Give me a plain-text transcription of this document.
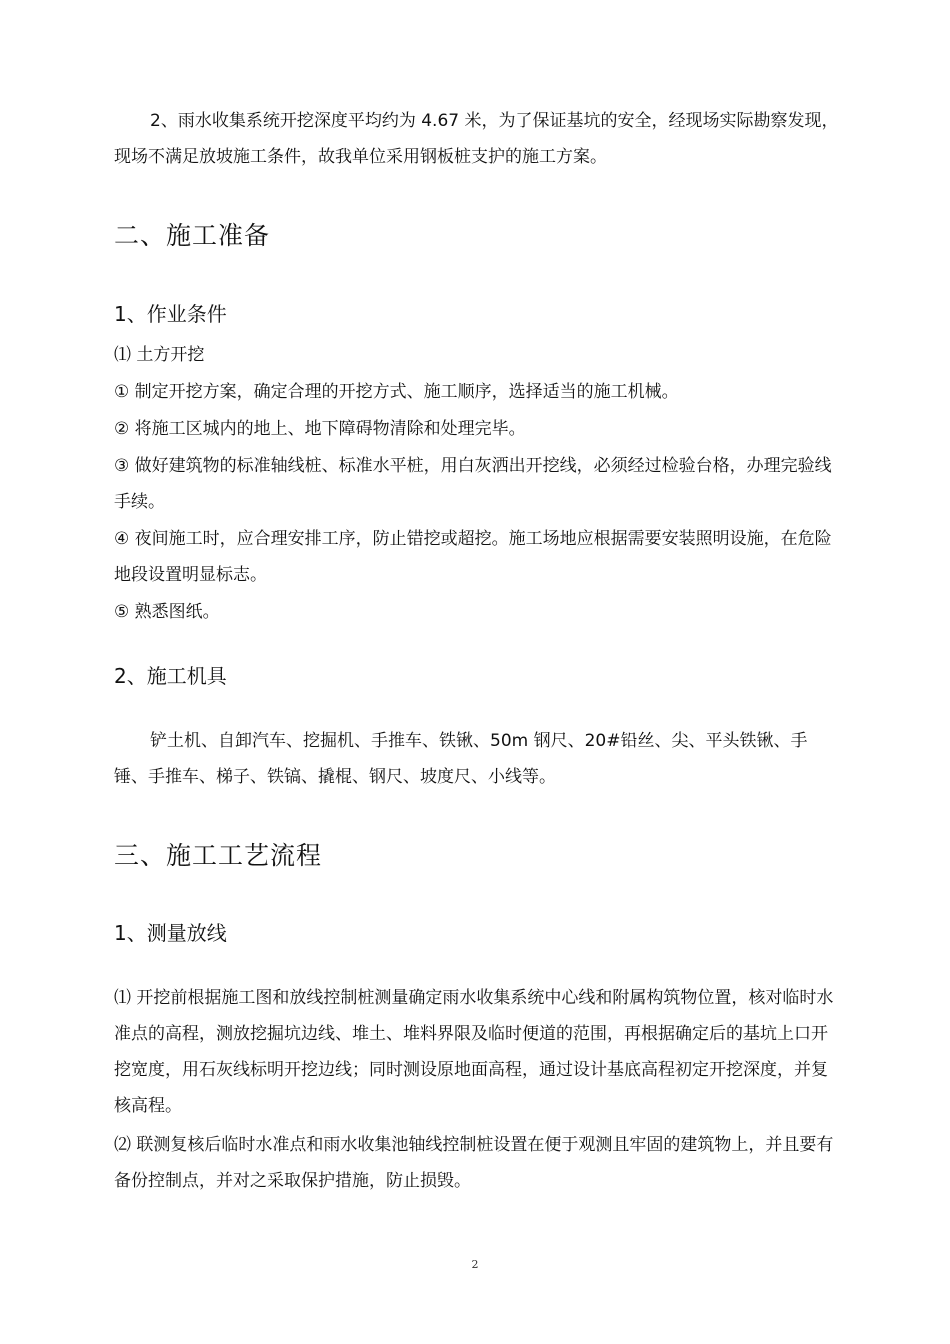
2、雨水收集系统开挖深度平均约为 4.67 米，为了保证基坑的安全，经现场实际勘察发现，现场不满足放坡施工条件，故我单位采用钢板桩支护的施工方案。

二、施工准备
1、作业条件

⑴ 土方开挖

① 制定开挖方案，确定合理的开挖方式、施工顺序，选择适当的施工机械。

② 将施工区城内的地上、地下障碍物清除和处理完毕。

③ 做好建筑物的标准轴线桩、标准水平桩，用白灰洒出开挖线，必须经过检验台格，办理完验线手续。

④ 夜间施工时，应合理安排工序，防止错挖或超挖。施工场地应根据需要安装照明设施，在危险地段设置明显标志。

⑤ 熟悉图纸。

2、施工机具

铲土机、自卸汽车、挖掘机、手推车、铁锹、50m 钢尺、20#铅丝、尖、平头铁锹、手锤、手推车、梯子、铁镐、撬棍、钢尺、坡度尺、小线等。

三、施工工艺流程
1、测量放线

⑴ 开挖前根据施工图和放线控制桩测量确定雨水收集系统中心线和附属构筑物位置，核对临时水准点的高程，测放挖掘坑边线、堆土、堆料界限及临时便道的范围，再根据确定后的基坑上口开挖宽度，用石灰线标明开挖边线；同时测设原地面高程，通过设计基底高程初定开挖深度，并复核高程。

⑵ 联测复核后临时水准点和雨水收集池轴线控制桩设置在便于观测且牢固的建筑物上，并且要有备份控制点，并对之采取保护措施，防止损毁。

2
